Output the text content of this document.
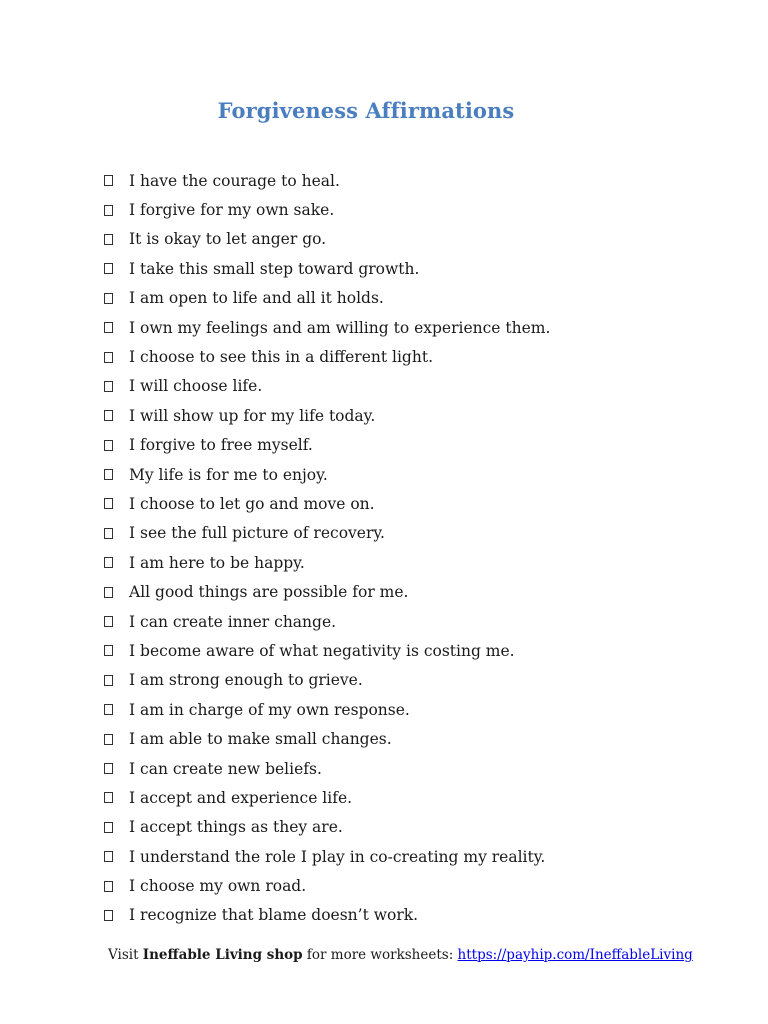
Forgiveness Affirmations
I have the courage to heal.
I forgive for my own sake.
It is okay to let anger go.
I take this small step toward growth.
I am open to life and all it holds.
I own my feelings and am willing to experience them.
I choose to see this in a different light.
I will choose life.
I will show up for my life today.
I forgive to free myself.
My life is for me to enjoy.
I choose to let go and move on.
I see the full picture of recovery.
I am here to be happy.
All good things are possible for me.
I can create inner change.
I become aware of what negativity is costing me.
I am strong enough to grieve.
I am in charge of my own response.
I am able to make small changes.
I can create new beliefs.
I accept and experience life.
I accept things as they are.
I understand the role I play in co-creating my reality.
I choose my own road.
I recognize that blame doesn’t work.
Visit Ineffable Living shop for more worksheets: https://payhip.com/IneffableLiving
